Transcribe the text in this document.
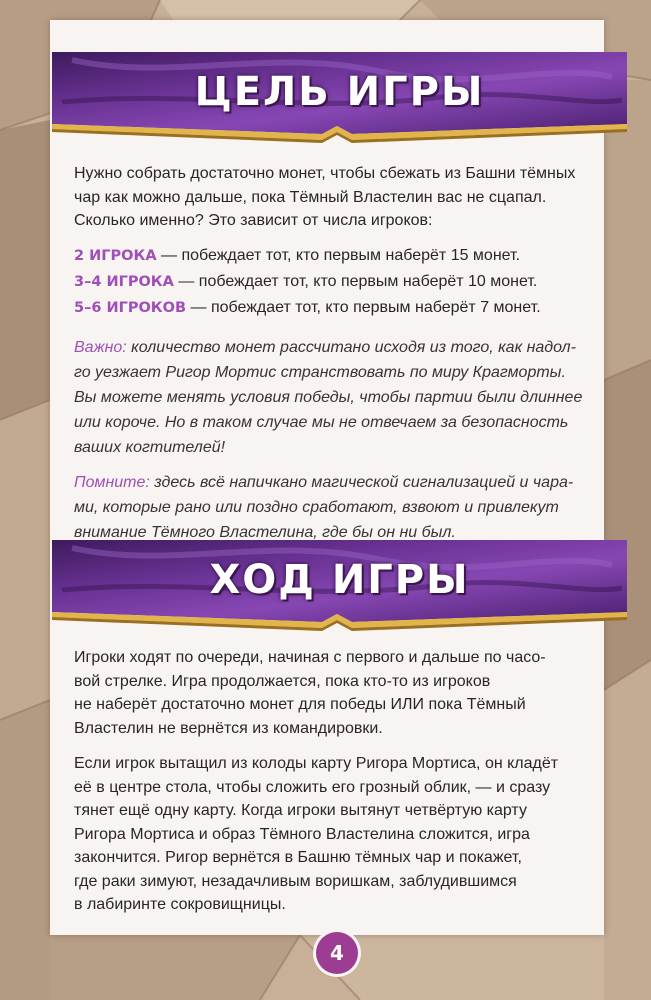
ЦЕЛЬ ИГРЫ

Нужно собрать достаточно монет, чтобы сбежать из Башни тёмных
чар как можно дальше, пока Тёмный Властелин вас не сцапал.
Сколько именно? Это зависит от числа игроков:

2 ИГРОКА — побеждает тот, кто первым наберёт 15 монет.
3–4 ИГРОКА — побеждает тот, кто первым наберёт 10 монет.
5–6 ИГРОКОВ — побеждает тот, кто первым наберёт 7 монет.

Важно: количество монет рассчитано исходя из того, как надол-
го уезжает Ригор Мортис странствовать по миру Крагморты.
Вы можете менять условия победы, чтобы партии были длиннее
или короче. Но в таком случае мы не отвечаем за безопасность
ваших когтителей!

Помните: здесь всё напичкано магической сигнализацией и чара-
ми, которые рано или поздно сработают, взвоют и привлекут
внимание Тёмного Властелина, где бы он ни был.

ХОД ИГРЫ

Игроки ходят по очереди, начиная с первого и дальше по часо-
вой стрелке. Игра продолжается, пока кто-то из игроков
не наберёт достаточно монет для победы ИЛИ пока Тёмный
Властелин не вернётся из командировки.

Если игрок вытащил из колоды карту Ригора Мортиса, он кладёт
её в центре стола, чтобы сложить его грозный облик, — и сразу
тянет ещё одну карту. Когда игроки вытянут четвёртую карту
Ригора Мортиса и образ Тёмного Властелина сложится, игра
закончится. Ригор вернётся в Башню тёмных чар и покажет,
где раки зимуют, незадачливым воришкам, заблудившимся
в лабиринте сокровищницы.

4
